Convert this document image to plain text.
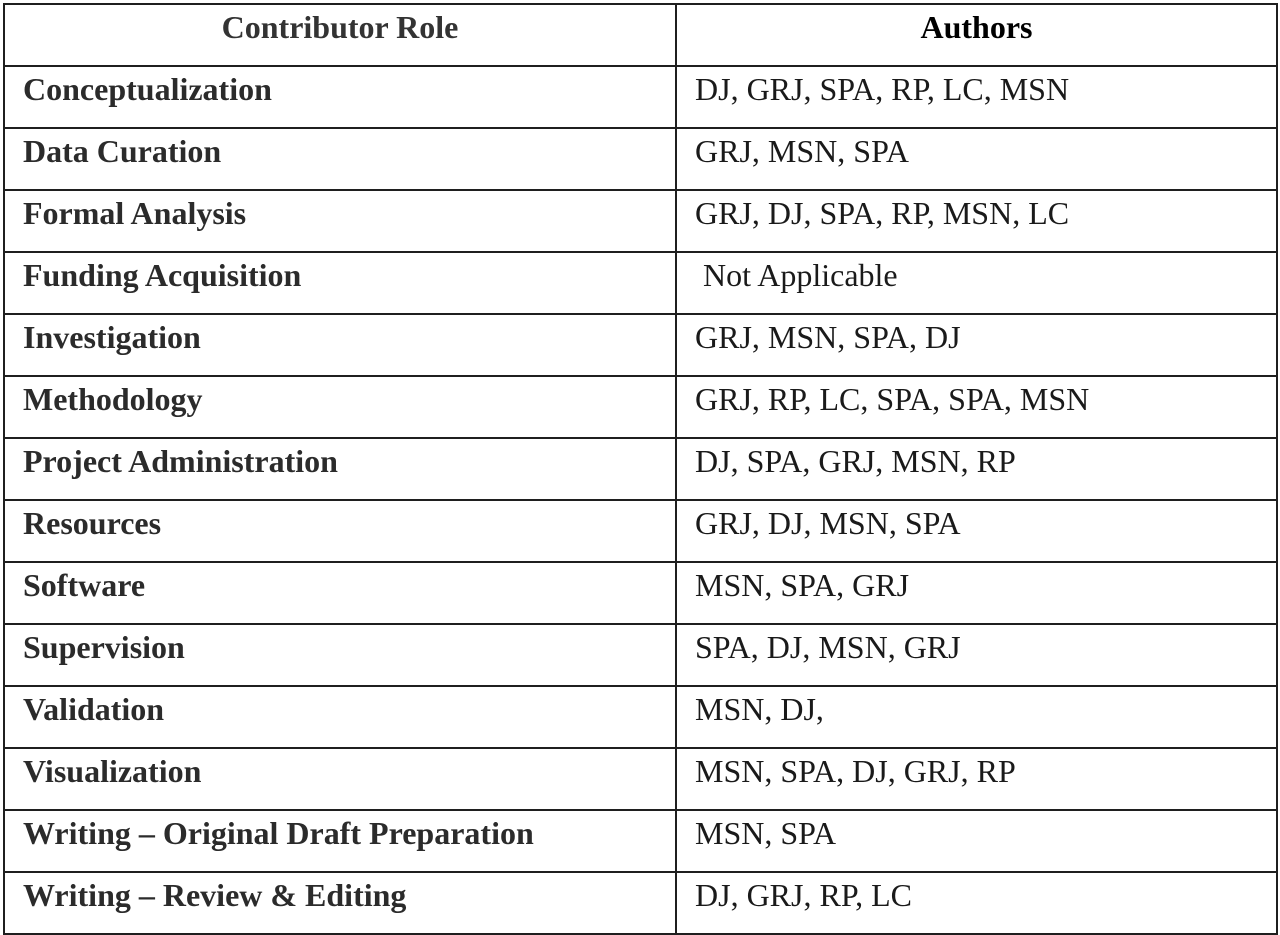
Contributor Role	Authors
Conceptualization	DJ, GRJ, SPA, RP, LC, MSN
Data Curation	GRJ, MSN, SPA
Formal Analysis	GRJ, DJ, SPA, RP, MSN, LC
Funding Acquisition	Not Applicable
Investigation	GRJ, MSN, SPA, DJ
Methodology	GRJ, RP, LC, SPA, SPA, MSN
Project Administration	DJ, SPA, GRJ, MSN, RP
Resources	GRJ, DJ, MSN, SPA
Software	MSN, SPA, GRJ
Supervision	SPA, DJ, MSN, GRJ
Validation	MSN, DJ,
Visualization	MSN, SPA, DJ, GRJ, RP
Writing – Original Draft Preparation	MSN, SPA
Writing – Review & Editing	DJ, GRJ, RP, LC
